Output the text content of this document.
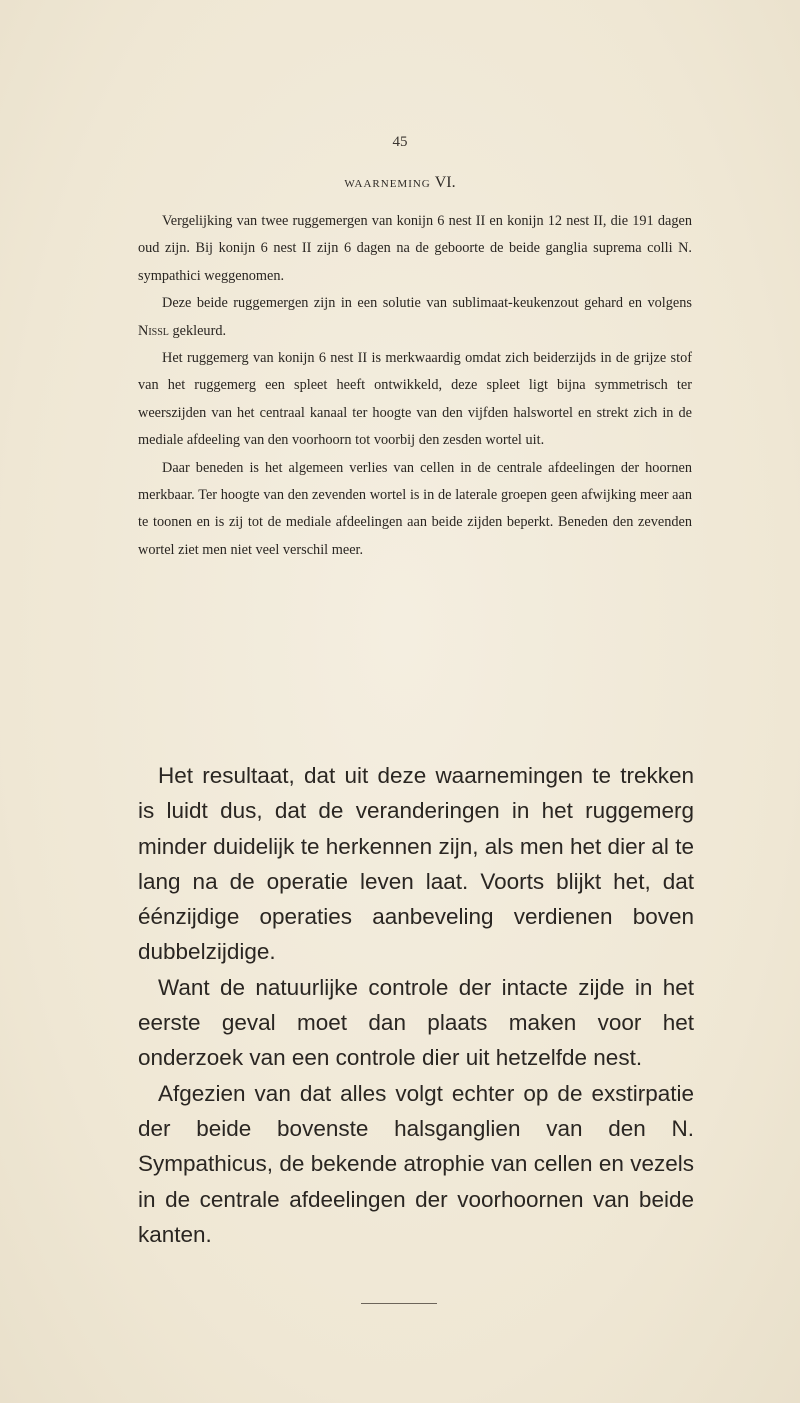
45
WAARNEMING VI.

Vergelijking van twee ruggemergen van konijn 6 nest II en konijn 12 nest II, die 191 dagen oud zijn. Bij konijn 6 nest II zijn 6 dagen na de geboorte de beide ganglia suprema colli N. sympathici weggenomen.

Deze beide ruggemergen zijn in een solutie van sublimaat-keukenzout gehard en volgens Nissl gekleurd.

Het ruggemerg van konijn 6 nest II is merkwaardig omdat zich beiderzijds in de grijze stof van het ruggemerg een spleet heeft ontwikkeld, deze spleet ligt bijna symmetrisch ter weerszijden van het centraal kanaal ter hoogte van den vijfden halswortel en strekt zich in de mediale afdeeling van den voorhoorn tot voorbij den zesden wortel uit.

Daar beneden is het algemeen verlies van cellen in de centrale afdeelingen der hoornen merkbaar. Ter hoogte van den zevenden wortel is in de laterale groepen geen afwijking meer aan te toonen en is zij tot de mediale afdeelingen aan beide zijden beperkt. Beneden den zevenden wortel ziet men niet veel verschil meer.

Het resultaat, dat uit deze waarnemingen te trekken is luidt dus, dat de veranderingen in het ruggemerg minder duidelijk te herkennen zijn, als men het dier al te lang na de operatie leven laat. Voorts blijkt het, dat éénzijdige operaties aanbeveling verdienen boven dubbelzijdige.

Want de natuurlijke controle der intacte zijde in het eerste geval moet dan plaats maken voor het onderzoek van een controle dier uit hetzelfde nest.

Afgezien van dat alles volgt echter op de exstirpatie der beide bovenste halsganglien van den N. Sympathicus, de bekende atrophie van cellen en vezels in de centrale afdeelingen der voorhoornen van beide kanten.
